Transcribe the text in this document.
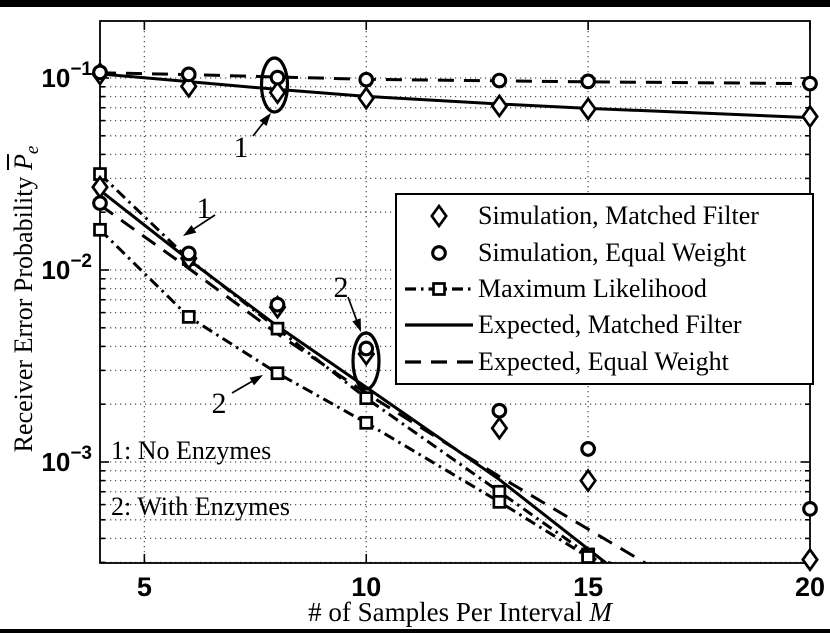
5	10	15	20
$10^{-1}$
$10^{-2}$
$10^{-3}$
1
1
2
2
Receiver Error Probability $\overline{P}_e$
# of Samples Per Interval M
1: No Enzymes
2: With Enzymes
Simulation, Matched Filter
Simulation, Equal Weight
Maximum Likelihood
Expected, Matched Filter
Expected, Equal Weight
